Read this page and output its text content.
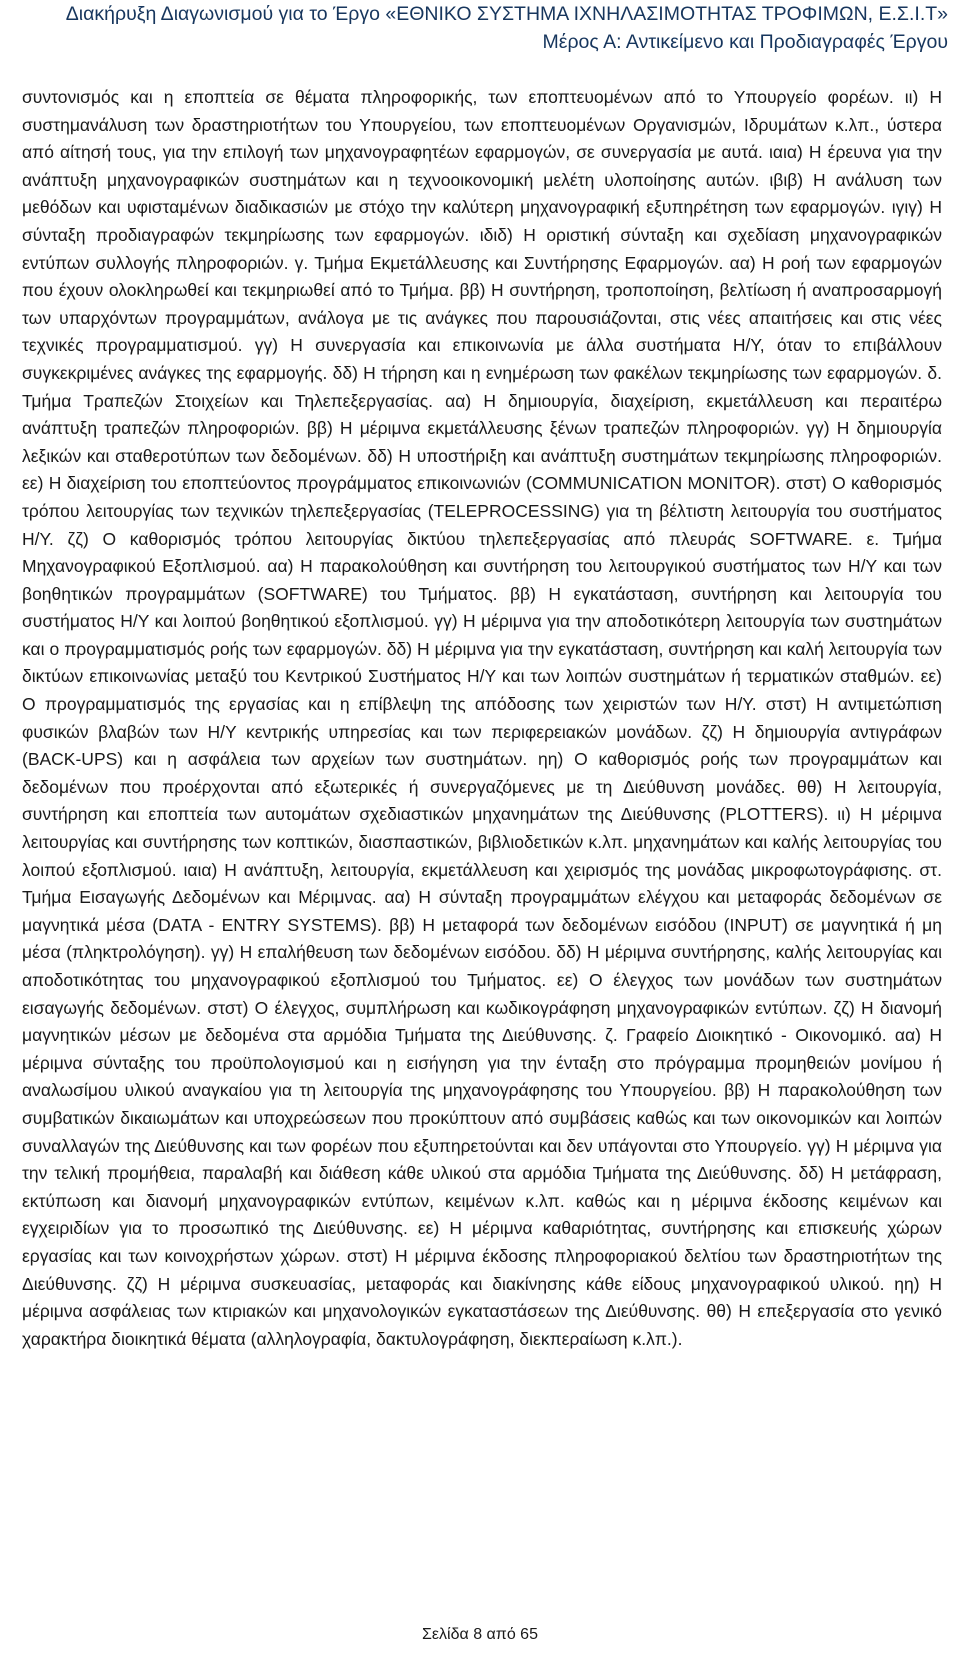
Διακήρυξη Διαγωνισμού για το Έργο «ΕΘΝΙΚΟ ΣΥΣΤΗΜΑ ΙΧΝΗΛΑΣΙΜΟΤΗΤΑΣ ΤΡΟΦΙΜΩΝ, Ε.Σ.Ι.Τ»
Μέρος Α: Αντικείμενο και Προδιαγραφές Έργου

συντονισμός και η εποπτεία σε θέματα πληροφορικής, των εποπτευομένων από το Υπουργείο φορέων. ιι) Η συστημανάλυση των δραστηριοτήτων του Υπουργείου, των εποπτευομένων Οργανισμών, Ιδρυμάτων κ.λπ., ύστερα από αίτησή τους, για την επιλογή των μηχανογραφητέων εφαρμογών, σε συνεργασία με αυτά. ιαια) Η έρευνα για την ανάπτυξη μηχανογραφικών συστημάτων και η τεχνοοικονομική μελέτη υλοποίησης αυτών. ιβιβ) Η ανάλυση των μεθόδων και υφισταμένων διαδικασιών με στόχο την καλύτερη μηχανογραφική εξυπηρέτηση των εφαρμογών. ιγιγ) Η σύνταξη προδιαγραφών τεκμηρίωσης των εφαρμογών. ιδιδ) Η οριστική σύνταξη και σχεδίαση μηχανογραφικών εντύπων συλλογής πληροφοριών. γ. Τμήμα Εκμετάλλευσης και Συντήρησης Εφαρμογών. αα) Η ροή των εφαρμογών που έχουν ολοκληρωθεί και τεκμηριωθεί από το Τμήμα. ββ) Η συντήρηση, τροποποίηση, βελτίωση ή αναπροσαρμογή των υπαρχόντων προγραμμάτων, ανάλογα με τις ανάγκες που παρουσιάζονται, στις νέες απαιτήσεις και στις νέες τεχνικές προγραμματισμού. γγ) Η συνεργασία και επικοινωνία με άλλα συστήματα Η/Υ, όταν το επιβάλλουν συγκεκριμένες ανάγκες της εφαρμογής. δδ) Η τήρηση και η ενημέρωση των φακέλων τεκμηρίωσης των εφαρμογών. δ. Τμήμα Τραπεζών Στοιχείων και Τηλεπεξεργασίας. αα) Η δημιουργία, διαχείριση, εκμετάλλευση και περαιτέρω ανάπτυξη τραπεζών πληροφοριών. ββ) Η μέριμνα εκμετάλλευσης ξένων τραπεζών πληροφοριών. γγ) Η δημιουργία λεξικών και σταθεροτύπων των δεδομένων. δδ) Η υποστήριξη και ανάπτυξη συστημάτων τεκμηρίωσης πληροφοριών. εε) Η διαχείριση του εποπτεύοντος προγράμματος επικοινωνιών (COMMUNICATION MONITOR). στστ) Ο καθορισμός τρόπου λειτουργίας των τεχνικών τηλεπεξεργασίας (TELEPROCESSING) για τη βέλτιστη λειτουργία του συστήματος Η/Υ. ζζ) Ο καθορισμός τρόπου λειτουργίας δικτύου τηλεπεξεργασίας από πλευράς SOFTWARE. ε. Τμήμα Μηχανογραφικού Εξοπλισμού. αα) Η παρακολούθηση και συντήρηση του λειτουργικού συστήματος των Η/Υ και των βοηθητικών προγραμμάτων (SOFTWARE) του Τμήματος. ββ) Η εγκατάσταση, συντήρηση και λειτουργία του συστήματος Η/Υ και λοιπού βοηθητικού εξοπλισμού. γγ) Η μέριμνα για την αποδοτικότερη λειτουργία των συστημάτων και ο προγραμματισμός ροής των εφαρμογών. δδ) Η μέριμνα για την εγκατάσταση, συντήρηση και καλή λειτουργία των δικτύων επικοινωνίας μεταξύ του Κεντρικού Συστήματος Η/Υ και των λοιπών συστημάτων ή τερματικών σταθμών. εε) Ο προγραμματισμός της εργασίας και η επίβλεψη της απόδοσης των χειριστών των Η/Υ. στστ) Η αντιμετώπιση φυσικών βλαβών των Η/Υ κεντρικής υπηρεσίας και των περιφερειακών μονάδων. ζζ) Η δημιουργία αντιγράφων (BACK-UPS) και η ασφάλεια των αρχείων των συστημάτων. ηη) Ο καθορισμός ροής των προγραμμάτων και δεδομένων που προέρχονται από εξωτερικές ή συνεργαζόμενες με τη Διεύθυνση μονάδες. θθ) Η λειτουργία, συντήρηση και εποπτεία των αυτομάτων σχεδιαστικών μηχανημάτων της Διεύθυνσης (PLOTTERS). ιι) Η μέριμνα λειτουργίας και συντήρησης των κοπτικών, διασπαστικών, βιβλιοδετικών κ.λπ. μηχανημάτων και καλής λειτουργίας του λοιπού εξοπλισμού. ιαια) Η ανάπτυξη, λειτουργία, εκμετάλλευση και χειρισμός της μονάδας μικροφωτογράφισης. στ. Τμήμα Εισαγωγής Δεδομένων και Μέριμνας. αα) Η σύνταξη προγραμμάτων ελέγχου και μεταφοράς δεδομένων σε μαγνητικά μέσα (DATA - ENTRY SYSTEMS). ββ) Η μεταφορά των δεδομένων εισόδου (INPUT) σε μαγνητικά ή μη μέσα (πληκτρολόγηση). γγ) Η επαλήθευση των δεδομένων εισόδου. δδ) Η μέριμνα συντήρησης, καλής λειτουργίας και αποδοτικότητας του μηχανογραφικού εξοπλισμού του Τμήματος. εε) Ο έλεγχος των μονάδων των συστημάτων εισαγωγής δεδομένων. στστ) Ο έλεγχος, συμπλήρωση και κωδικογράφηση μηχανογραφικών εντύπων. ζζ) Η διανομή μαγνητικών μέσων με δεδομένα στα αρμόδια Τμήματα της Διεύθυνσης. ζ. Γραφείο Διοικητικό - Οικονομικό. αα) Η μέριμνα σύνταξης του προϋπολογισμού και η εισήγηση για την ένταξη στο πρόγραμμα προμηθειών μονίμου ή αναλωσίμου υλικού αναγκαίου για τη λειτουργία της μηχανογράφησης του Υπουργείου. ββ) Η παρακολούθηση των συμβατικών δικαιωμάτων και υποχρεώσεων που προκύπτουν από συμβάσεις καθώς και των οικονομικών και λοιπών συναλλαγών της Διεύθυνσης και των φορέων που εξυπηρετούνται και δεν υπάγονται στο Υπουργείο. γγ) Η μέριμνα για την τελική προμήθεια, παραλαβή και διάθεση κάθε υλικού στα αρμόδια Τμήματα της Διεύθυνσης. δδ) Η μετάφραση, εκτύπωση και διανομή μηχανογραφικών εντύπων, κειμένων κ.λπ. καθώς και η μέριμνα έκδοσης κειμένων και εγχειριδίων για το προσωπικό της Διεύθυνσης. εε) Η μέριμνα καθαριότητας, συντήρησης και επισκευής χώρων εργασίας και των κοινοχρήστων χώρων. στστ) Η μέριμνα έκδοσης πληροφοριακού δελτίου των δραστηριοτήτων της Διεύθυνσης. ζζ) Η μέριμνα συσκευασίας, μεταφοράς και διακίνησης κάθε είδους μηχανογραφικού υλικού. ηη) Η μέριμνα ασφάλειας των κτιριακών και μηχανολογικών εγκαταστάσεων της Διεύθυνσης. θθ) Η επεξεργασία στο γενικό χαρακτήρα διοικητικά θέματα (αλληλογραφία, δακτυλογράφηση, διεκπεραίωση κ.λπ.).

Σελίδα 8 από 65
